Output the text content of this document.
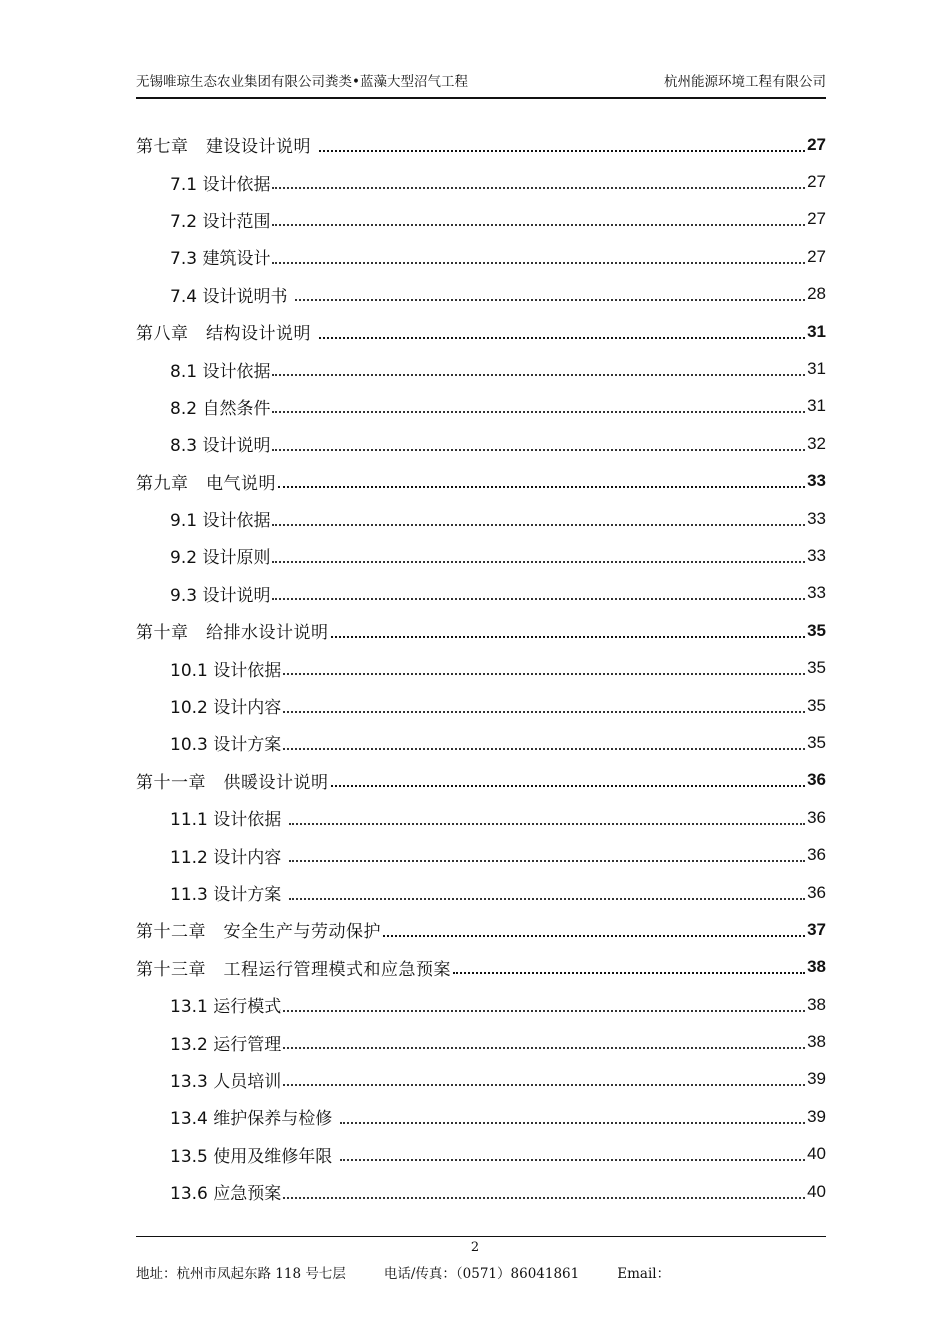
无锡唯琼生态农业集团有限公司粪类•蓝藻大型沼气工程	杭州能源环境工程有限公司
第七章　建设设计说明	27
7.1 设计依据	27
7.2 设计范围	27
7.3 建筑设计	27
7.4 设计说明书	28
第八章　结构设计说明	31
8.1 设计依据	31
8.2 自然条件	31
8.3 设计说明	32
第九章　电气说明	33
9.1 设计依据	33
9.2 设计原则	33
9.3 设计说明	33
第十章　给排水设计说明	35
10.1 设计依据	35
10.2 设计内容	35
10.3 设计方案	35
第十一章　供暖设计说明	36
11.1 设计依据	36
11.2 设计内容	36
11.3 设计方案	36
第十二章　安全生产与劳动保护	37
第十三章　工程运行管理模式和应急预案	38
13.1 运行模式	38
13.2 运行管理	38
13.3 人员培训	39
13.4 维护保养与检修	39
13.5 使用及维修年限	40
13.6 应急预案	40
2
地址：杭州市凤起东路 118 号七层	电话/传真：（0571）86041861	Email：
